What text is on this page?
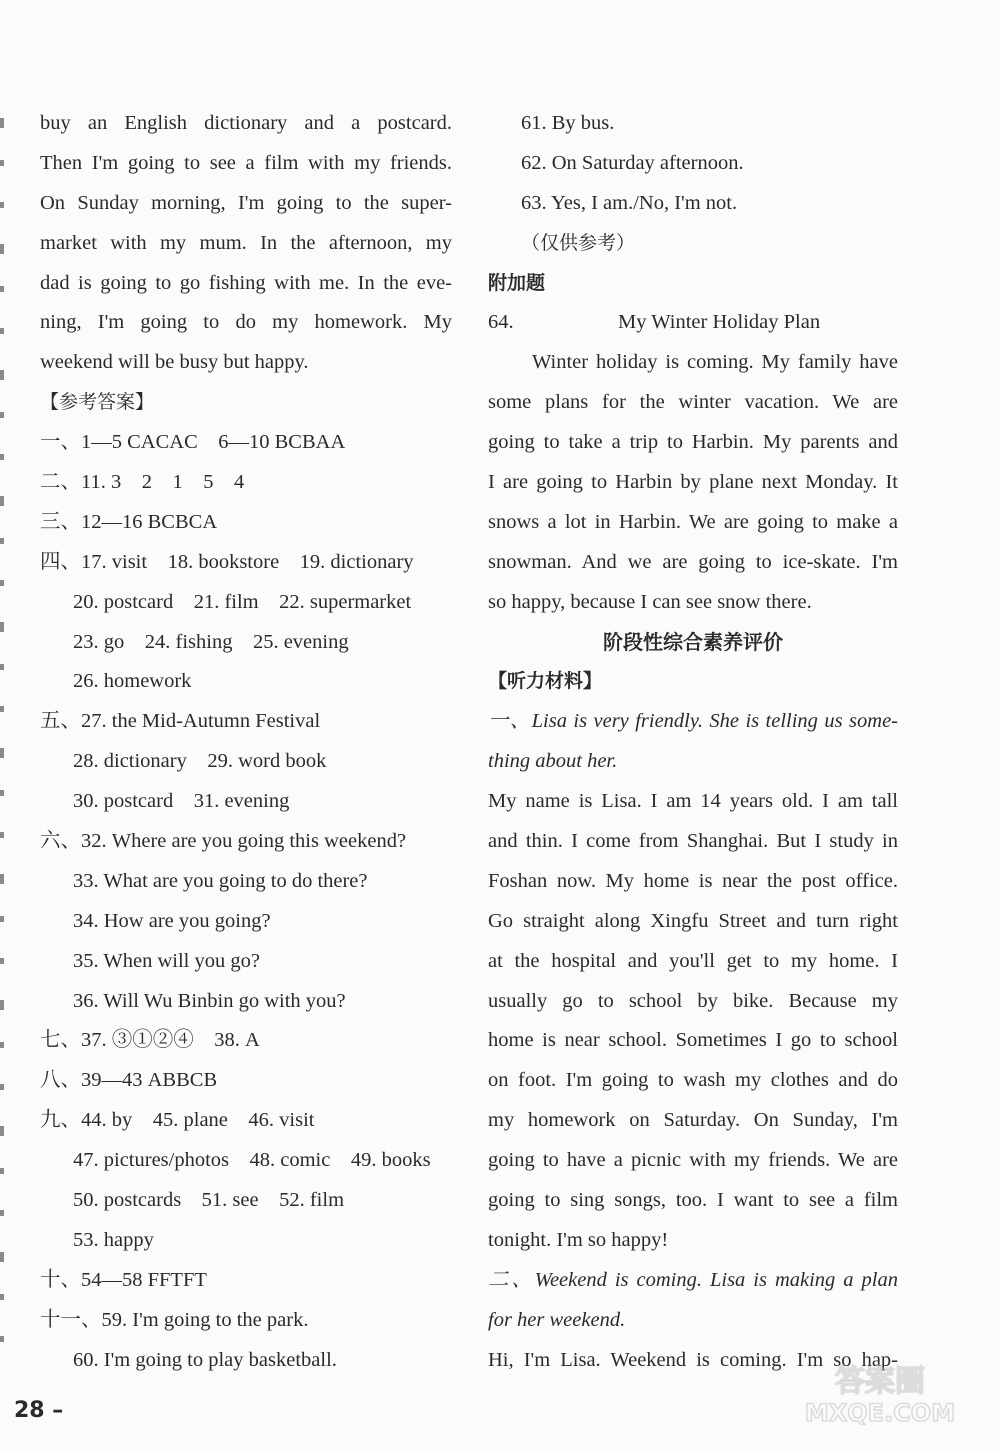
buy an English dictionary and a postcard.
Then I'm going to see a film with my friends.
On Sunday morning, I'm going to the super-
market with my mum. In the afternoon, my
dad is going to go fishing with me. In the eve-
ning, I'm going to do my homework. My
weekend will be busy but happy.
【参考答案】
一、1—5 CACAC　6—10 BCBAA
二、11. 3　2　1　5　4
三、12—16 BCBCA
四、17. visit　18. bookstore　19. dictionary
20. postcard　21. film　22. supermarket
23. go　24. fishing　25. evening
26. homework
五、27. the Mid-Autumn Festival
28. dictionary　29. word book
30. postcard　31. evening
六、32. Where are you going this weekend?
33. What are you going to do there?
34. How are you going?
35. When will you go?
36. Will Wu Binbin go with you?
七、37. ③①②④　38. A
八、39—43 ABBCB
九、44. by　45. plane　46. visit
47. pictures/photos　48. comic　49. books
50. postcards　51. see　52. film
53. happy
十、54—58 FFTFT
十一、59. I'm going to the park.
60. I'm going to play basketball.
61. By bus.
62. On Saturday afternoon.
63. Yes, I am./No, I'm not.
（仅供参考）
附加题
64.	My Winter Holiday Plan
Winter holiday is coming. My family have
some plans for the winter vacation. We are
going to take a trip to Harbin. My parents and
I are going to Harbin by plane next Monday. It
snows a lot in Harbin. We are going to make a
snowman. And we are going to ice-skate. I'm
so happy, because I can see snow there.
阶段性综合素养评价
【听力材料】
一、Lisa is very friendly. She is telling us some-
thing about her.
My name is Lisa. I am 14 years old. I am tall
and thin. I come from Shanghai. But I study in
Foshan now. My home is near the post office.
Go straight along Xingfu Street and turn right
at the hospital and you'll get to my home. I
usually go to school by bike. Because my
home is near school. Sometimes I go to school
on foot. I'm going to wash my clothes and do
my homework on Saturday. On Sunday, I'm
going to have a picnic with my friends. We are
going to sing songs, too. I want to see a film
tonight. I'm so happy!
二、Weekend is coming. Lisa is making a plan
for her weekend.
Hi, I'm Lisa. Weekend is coming. I'm so hap-
28 –
答案圈
MXQE.COM
